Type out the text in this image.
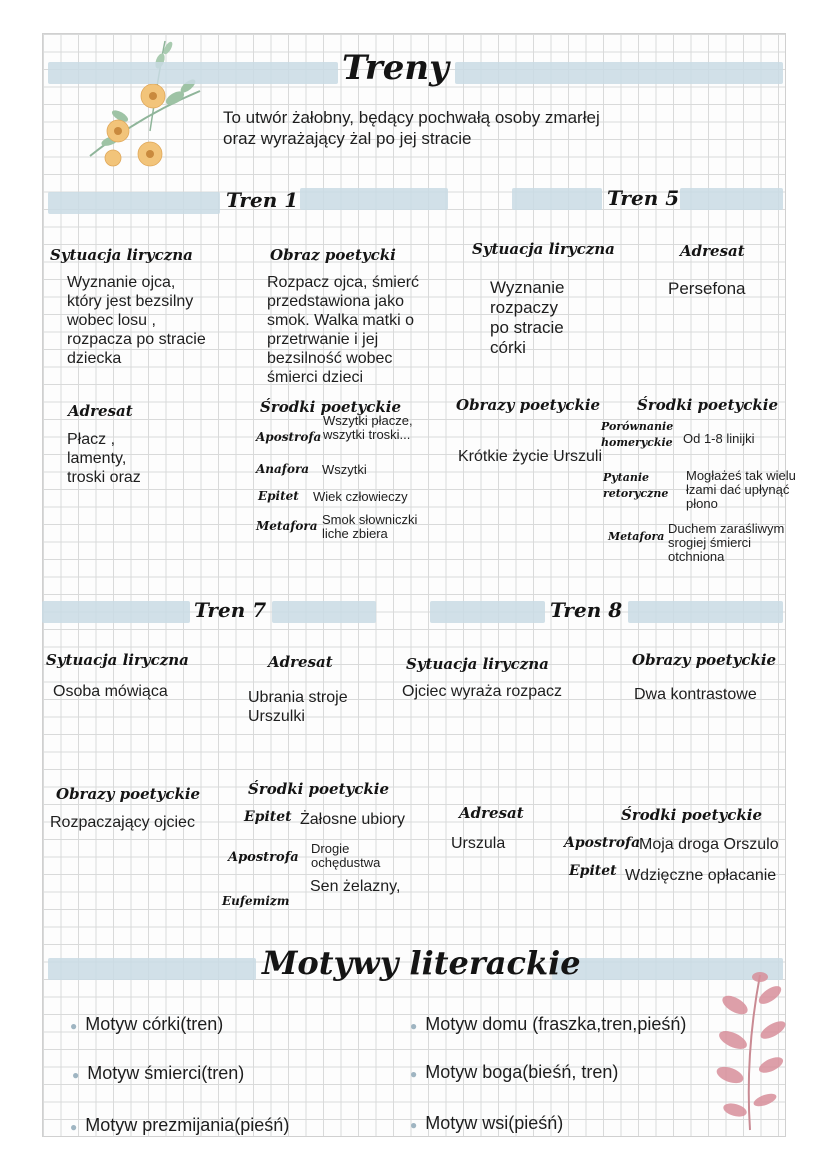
Treny
To utwór żałobny, będący pochwałą osoby zmarłej
oraz wyrażający żal po jej stracie
Tren 1
Sytuacja liryczna
Wyznanie ojca,
który jest bezsilny
wobec losu ,
rozpacza po stracie
dziecka
Obraz poetycki
Rozpacz ojca, śmierć
przedstawiona jako
smok. Walka matki o
przetrwanie i jej
bezsilność wobec
śmierci dzieci
Adresat
Płacz ,
lamenty,
troski oraz
Środki poetyckie
Apostrofa
Wszytki płacze,
wszytki troski...
Anafora Wszytki
Epitet Wiek człowieczy
Metafora Smok słowniczki
liche zbiera
Tren 5
Sytuacja liryczna
Wyznanie
rozpaczy
po stracie
córki
Adresat
Persefona
Obrazy poetyckie
Krótkie życie Urszuli
Środki poetyckie
Porównanie
homeryckie Od 1-8 linijki
Pytanie
retoryczne
Mogłażeś tak wielu
łzami dać upłynąć
płono
Metafora
Duchem zaraśliwym
srogiej śmierci
otchniona
Tren 7
Sytuacja liryczna
Osoba mówiąca
Adresat
Ubrania stroje
Urszulki
Obrazy poetyckie
Rozpaczający ojciec
Środki poetyckie
Epitet Żałosne ubiory
Apostrofa
Drogie
ochędustwa
Sen żelazny,
Eufemizm
Tren 8
Sytuacja liryczna
Ojciec wyraża rozpacz
Obrazy poetyckie
Dwa kontrastowe
Adresat
Urszula
Środki poetyckie
Apostrofa
Moja droga Orszulo
Epitet Wdzięczne opłacanie
Motywy literackie
● Motyw córki(tren)
● Motyw śmierci(tren)
● Motyw prezmijania(pieśń)
● Motyw domu (fraszka,tren,pieśń)
● Motyw boga(bieśń, tren)
● Motyw wsi(pieśń)
